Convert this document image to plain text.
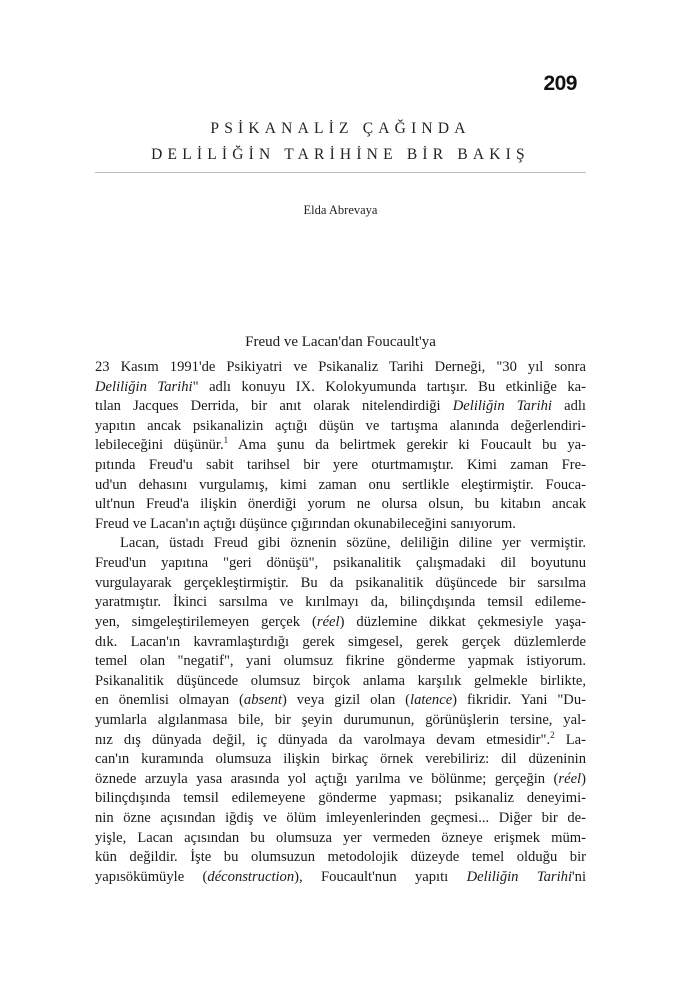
209
PSİKANALİZ ÇAĞINDA
DELİLİĞİN TARİHİNE BİR BAKIŞ
Elda Abrevaya
Freud ve Lacan'dan Foucault'ya
23 Kasım 1991'de Psikiyatri ve Psikanaliz Tarihi Derneği, "30 yıl sonra
Deliliğin Tarihi" adlı konuyu IX. Kolokyumunda tartışır. Bu etkinliğe ka-
tılan Jacques Derrida, bir anıt olarak nitelendirdiği Deliliğin Tarihi adlı
yapıtın ancak psikanalizin açtığı düşün ve tartışma alanında değerlendiri-
lebileceğini düşünür.$^1$ Ama şunu da belirtmek gerekir ki Foucault bu ya-
pıtında Freud'u sabit tarihsel bir yere oturtmamıştır. Kimi zaman Fre-
ud'un dehasını vurgulamış, kimi zaman onu sertlikle eleştirmiştir. Fouca-
ult'nun Freud'a ilişkin önerdiği yorum ne olursa olsun, bu kitabın ancak
Freud ve Lacan'ın açtığı düşünce çığırından okunabileceğini sanıyorum.
Lacan, üstadı Freud gibi öznenin sözüne, deliliğin diline yer vermiştir.
Freud'un yapıtına "geri dönüşü", psikanalitik çalışmadaki dil boyutunu
vurgulayarak gerçekleştirmiştir. Bu da psikanalitik düşüncede bir sarsılma
yaratmıştır. İkinci sarsılma ve kırılmayı da, bilinçdışında temsil edileme-
yen, simgeleştirilemeyen gerçek (réel) düzlemine dikkat çekmesiyle yaşa-
dık. Lacan'ın kavramlaştırdığı gerek simgesel, gerek gerçek düzlemlerde
temel olan "negatif", yani olumsuz fikrine gönderme yapmak istiyorum.
Psikanalitik düşüncede olumsuz birçok anlama karşılık gelmekle birlikte,
en önemlisi olmayan (absent) veya gizil olan (latence) fikridir. Yani "Du-
yumlarla algılanmasa bile, bir şeyin durumunun, görünüşlerin tersine, yal-
nız dış dünyada değil, iç dünyada da varolmaya devam etmesidir".$^2$ La-
can'ın kuramında olumsuza ilişkin birkaç örnek verebiliriz: dil düzeninin
öznede arzuyla yasa arasında yol açtığı yarılma ve bölünme; gerçeğin (réel)
bilinçdışında temsil edilemeyene gönderme yapması; psikanaliz deneyimi-
nin özne açısından iğdiş ve ölüm imleyenlerinden geçmesi... Diğer bir de-
yişle, Lacan açısından bu olumsuza yer vermeden özneye erişmek müm-
kün değildir. İşte bu olumsuzun metodolojik düzeyde temel olduğu bir
yapısökümüyle (déconstruction), Foucault'nun yapıtı Deliliğin Tarihi'ni
